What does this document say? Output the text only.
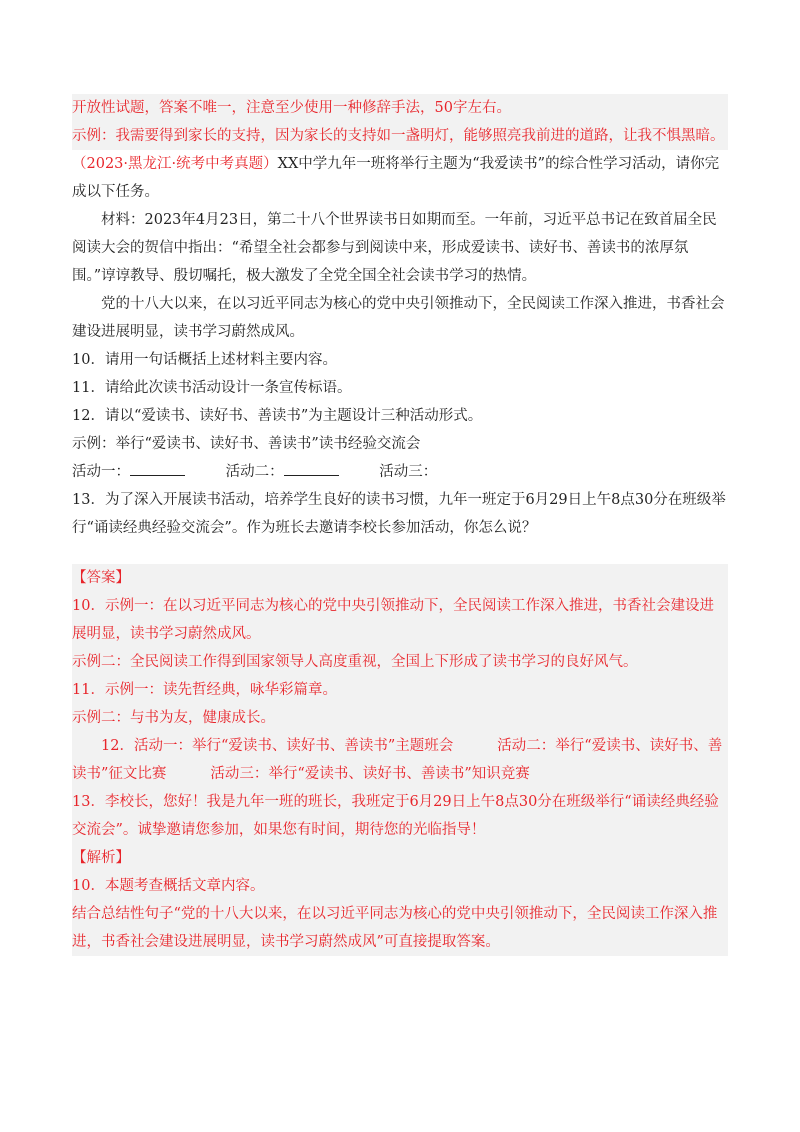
开放性试题，答案不唯一，注意至少使用一种修辞手法，50字左右。
示例：我需要得到家长的支持，因为家长的支持如一盏明灯，能够照亮我前进的道路，让我不惧黑暗。
（2023·黑龙江·统考中考真题）XX中学九年一班将举行主题为“我爱读书”的综合性学习活动，请你完成以下任务。
材料：2023年4月23日，第二十八个世界读书日如期而至。一年前，习近平总书记在致首届全民阅读大会的贺信中指出：“希望全社会都参与到阅读中来，形成爱读书、读好书、善读书的浓厚氛围。”谆谆教导、殷切嘱托，极大激发了全党全国全社会读书学习的热情。
党的十八大以来，在以习近平同志为核心的党中央引领推动下，全民阅读工作深入推进，书香社会建设进展明显，读书学习蔚然成风。
10．请用一句话概括上述材料主要内容。
11．请给此次读书活动设计一条宣传标语。
12．请以“爱读书、读好书、善读书”为主题设计三种活动形式。
示例：举行“爱读书、读好书、善读书”读书经验交流会
活动一：	活动二：	活动三：
13．为了深入开展读书活动，培养学生良好的读书习惯，九年一班定于6月29日上午8点30分在班级举行“诵读经典经验交流会”。作为班长去邀请李校长参加活动，你怎么说？
【答案】
10．示例一：在以习近平同志为核心的党中央引领推动下，全民阅读工作深入推进，书香社会建设进展明显，读书学习蔚然成风。
示例二：全民阅读工作得到国家领导人高度重视，全国上下形成了读书学习的良好风气。
11．示例一：读先哲经典，咏华彩篇章。
示例二：与书为友，健康成长。
12．活动一：举行“爱读书、读好书、善读书”主题班会	活动二：举行“爱读书、读好书、善读书”征文比赛	活动三：举行“爱读书、读好书、善读书”知识竞赛
13．李校长，您好！我是九年一班的班长，我班定于6月29日上午8点30分在班级举行“诵读经典经验交流会”。诚挚邀请您参加，如果您有时间，期待您的光临指导！
【解析】
10．本题考查概括文章内容。
结合总结性句子“党的十八大以来，在以习近平同志为核心的党中央引领推动下，全民阅读工作深入推进，书香社会建设进展明显，读书学习蔚然成风”可直接提取答案。
